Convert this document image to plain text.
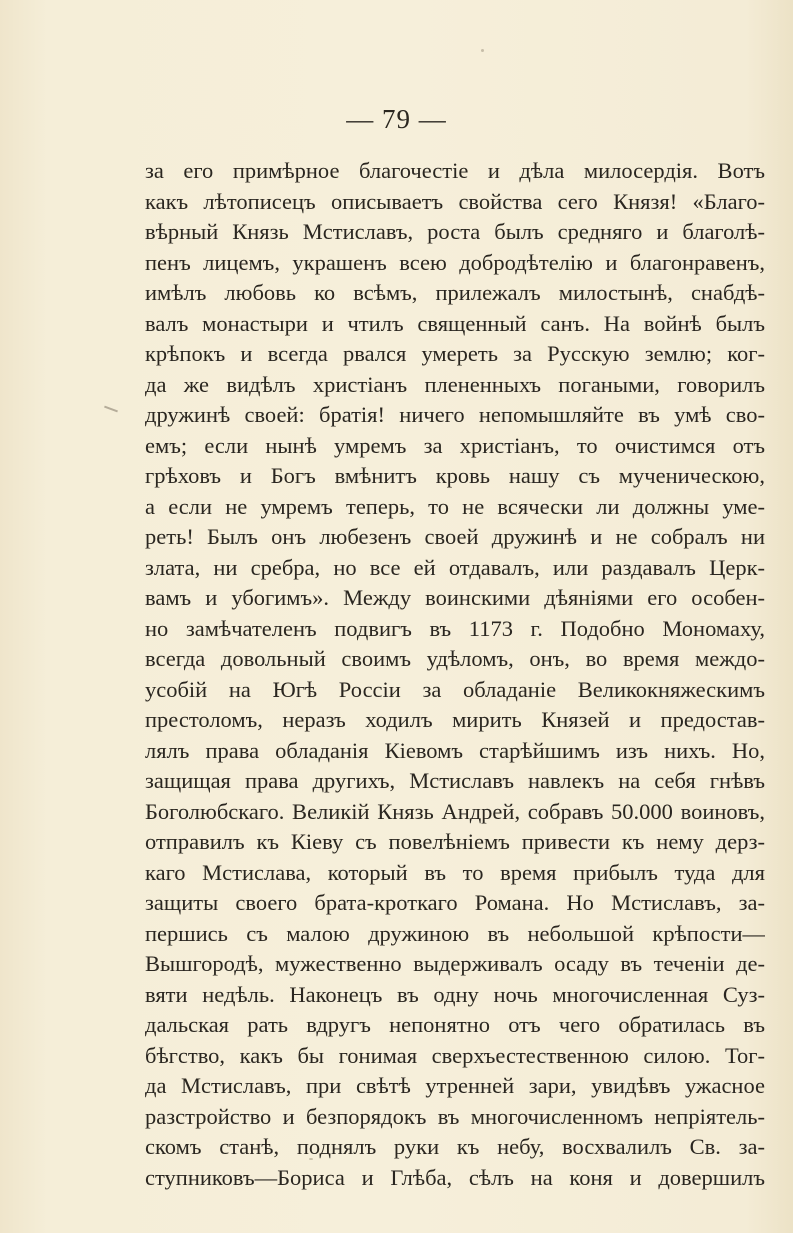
— 79 —
за его примѣрное благочестіе и дѣла милосердія. Вотъ
какъ лѣтописецъ описываетъ свойства сего Князя! «Благо-
вѣрный Князь Мстиславъ, роста былъ средняго и благолѣ-
пенъ лицемъ, украшенъ всею добродѣтелію и благонравенъ,
имѣлъ любовь ко всѣмъ, прилежалъ милостынѣ, снабдѣ-
валъ монастыри и чтилъ священный санъ. На войнѣ былъ
крѣпокъ и всегда рвался умереть за Русскую землю; ког-
да же видѣлъ христіанъ плененныхъ погаными, говорилъ
дружинѣ своей: братія! ничего непомышляйте въ умѣ сво-
емъ; если нынѣ умремъ за христіанъ, то очистимся отъ
грѣховъ и Богъ вмѣнитъ кровь нашу съ мученическою,
а если не умремъ теперь, то не всячески ли должны уме-
реть! Былъ онъ любезенъ своей дружинѣ и не собралъ ни
злата, ни сребра, но все ей отдавалъ, или раздавалъ Церк-
вамъ и убогимъ». Между воинскими дѣяніями его особен-
но замѣчателенъ подвигъ въ 1173 г. Подобно Мономаху,
всегда довольный своимъ удѣломъ, онъ, во время междо-
усобій на Югѣ Россіи за обладаніе Великокняжескимъ
престоломъ, неразъ ходилъ мирить Князей и предостав-
лялъ права обладанія Кіевомъ старѣйшимъ изъ нихъ. Но,
защищая права другихъ, Мстиславъ навлекъ на себя гнѣвъ
Боголюбскаго. Великій Князь Андрей, собравъ 50.000 воиновъ,
отправилъ къ Кіеву съ повелѣніемъ привести къ нему дерз-
каго Мстислава, который въ то время прибылъ туда для
защиты своего брата-кроткаго Романа. Но Мстиславъ, за-
першись съ малою дружиною въ небольшой крѣпости—
Вышгородѣ, мужественно выдерживалъ осаду въ теченіи де-
вяти недѣль. Наконецъ въ одну ночь многочисленная Суз-
дальская рать вдругъ непонятно отъ чего обратилась въ
бѣгство, какъ бы гонимая сверхъестественною силою. Тог-
да Мстиславъ, при свѣтѣ утренней зари, увидѣвъ ужасное
разстройство и безпорядокъ въ многочисленномъ непріятель-
скомъ станѣ, поднялъ руки къ небу, восхвалилъ Св. за-
ступниковъ—Бориса и Глѣба, сѣлъ на коня и довершилъ
